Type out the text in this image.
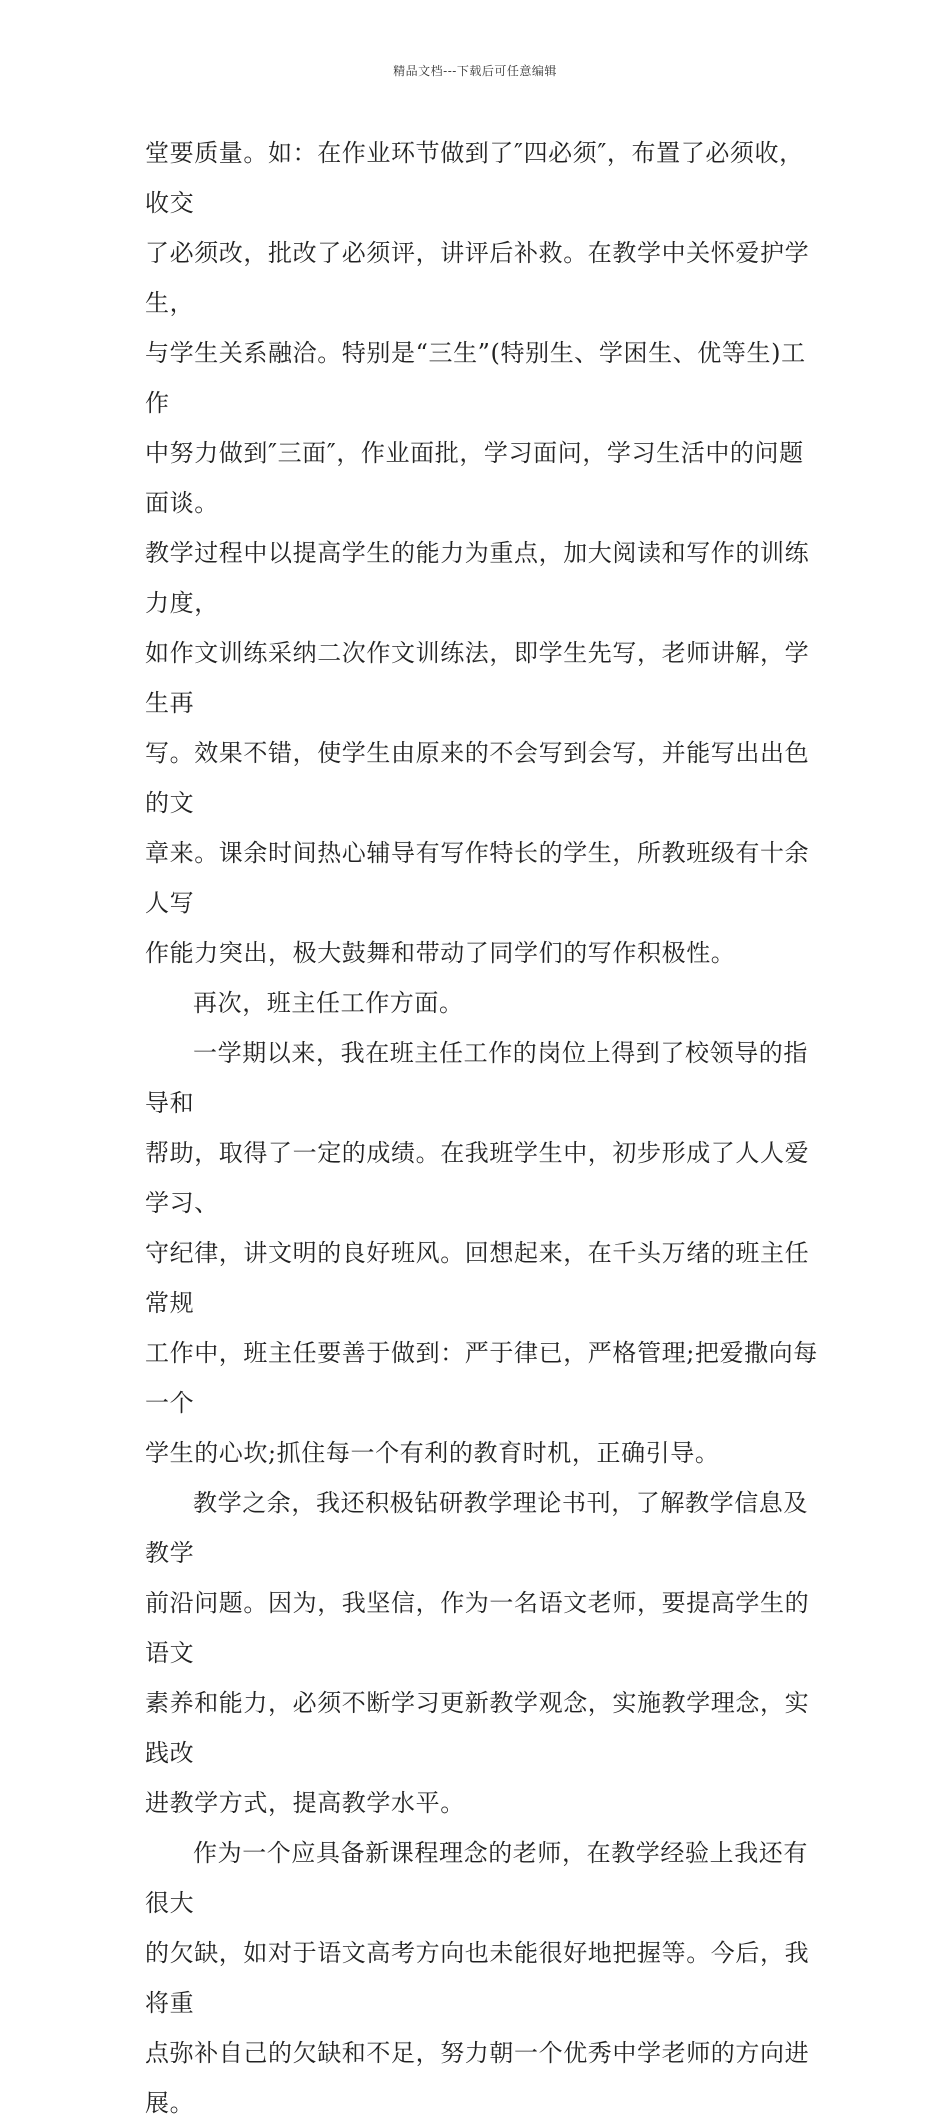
精品文档---下载后可任意编辑
堂要质量。如：在作业环节做到了″四必须″，布置了必须收，收交
了必须改，批改了必须评，讲评后补救。在教学中关怀爱护学生，
与学生关系融洽。特别是“三生”(特别生、学困生、优等生)工作
中努力做到″三面″，作业面批，学习面问，学习生活中的问题面谈。
教学过程中以提高学生的能力为重点，加大阅读和写作的训练力度，
如作文训练采纳二次作文训练法，即学生先写，老师讲解，学生再
写。效果不错，使学生由原来的不会写到会写，并能写出出色的文
章来。课余时间热心辅导有写作特长的学生，所教班级有十余人写
作能力突出，极大鼓舞和带动了同学们的写作积极性。
再次，班主任工作方面。
一学期以来，我在班主任工作的岗位上得到了校领导的指导和
帮助，取得了一定的成绩。在我班学生中，初步形成了人人爱学习、
守纪律，讲文明的良好班风。回想起来，在千头万绪的班主任常规
工作中，班主任要善于做到：严于律已，严格管理;把爱撒向每一个
学生的心坎;抓住每一个有利的教育时机，正确引导。
教学之余，我还积极钻研教学理论书刊，了解教学信息及教学
前沿问题。因为，我坚信，作为一名语文老师，要提高学生的语文
素养和能力，必须不断学习更新教学观念，实施教学理念，实践改
进教学方式，提高教学水平。
作为一个应具备新课程理念的老师，在教学经验上我还有很大
的欠缺，如对于语文高考方向也未能很好地把握等。今后，我将重
点弥补自己的欠缺和不足，努力朝一个优秀中学老师的方向进展。
